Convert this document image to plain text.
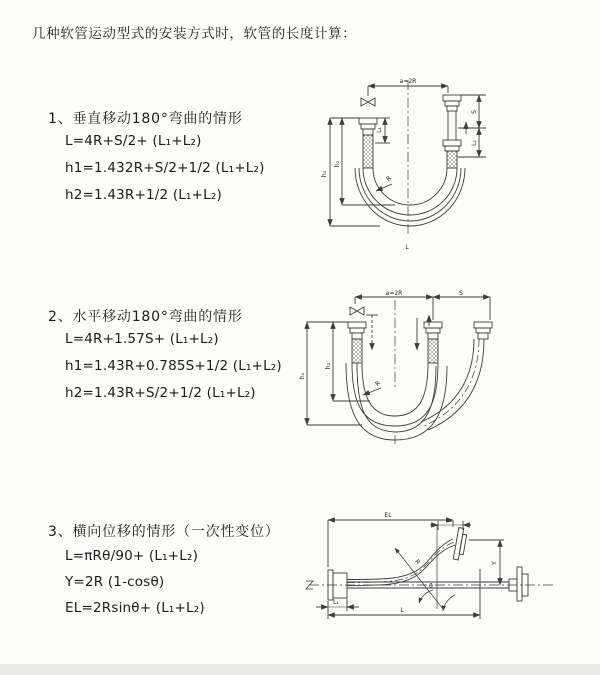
几种软管运动型式的安装方式时，软管的长度计算：
1、垂直移动180°弯曲的情形
L=4R+S/2+ (L₁+L₂)
h1=1.432R+S/2+1/2 (L₁+L₂)
h2=1.43R+1/2 (L₁+L₂)
a=2R
h₁
h₂
L₁
S
L₂
R
L
2、水平移动180°弯曲的情形
L=4R+1.57S+ (L₁+L₂)
h1=1.43R+0.785S+1/2 (L₁+L₂)
h2=1.43R+S/2+1/2 (L₁+L₂)
a=2R	S
h₁
h₂
R
3、横向位移的情形（一次性变位）
L=πRθ/90+ (L₁+L₂)
Y=2R (1-cosθ)
EL=2Rsinθ+ (L₁+L₂)
EL
L₂
Y
R
θ
L
L₁
